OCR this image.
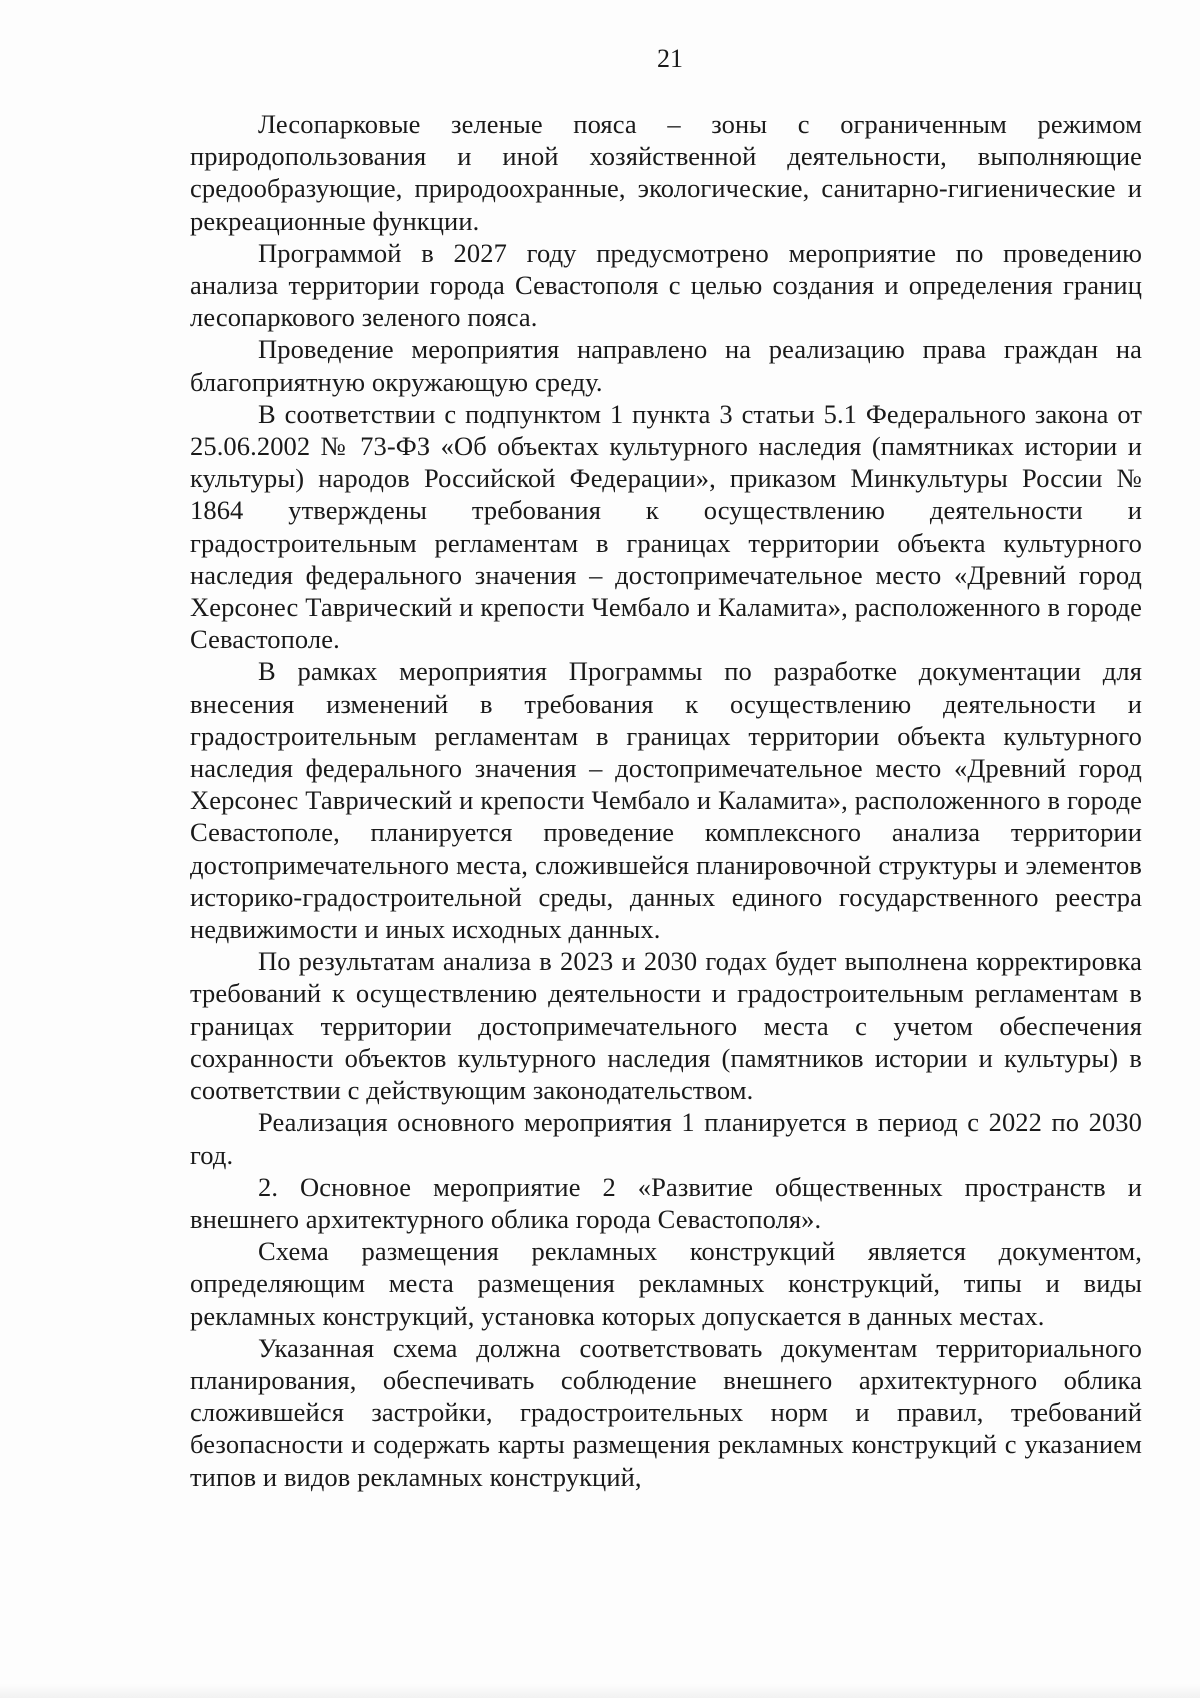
21

Лесопарковые зеленые пояса – зоны с ограниченным режимом природопользования и иной хозяйственной деятельности, выполняющие средообразующие, природоохранные, экологические, санитарно-гигиенические и рекреационные функции.

Программой в 2027 году предусмотрено мероприятие по проведению анализа территории города Севастополя с целью создания и определения границ лесопаркового зеленого пояса.

Проведение мероприятия направлено на реализацию права граждан на благоприятную окружающую среду.

В соответствии с подпунктом 1 пункта 3 статьи 5.1 Федерального закона от 25.06.2002 № 73-ФЗ «Об объектах культурного наследия (памятниках истории и культуры) народов Российской Федерации», приказом Минкультуры России № 1864 утверждены требования к осуществлению деятельности и градостроительным регламентам в границах территории объекта культурного наследия федерального значения – достопримечательное место «Древний город Херсонес Таврический и крепости Чембало и Каламита», расположенного в городе Севастополе.

В рамках мероприятия Программы по разработке документации для внесения изменений в требования к осуществлению деятельности и градостроительным регламентам в границах территории объекта культурного наследия федерального значения – достопримечательное место «Древний город Херсонес Таврический и крепости Чембало и Каламита», расположенного в городе Севастополе, планируется проведение комплексного анализа территории достопримечательного места, сложившейся планировочной структуры и элементов историко-градостроительной среды, данных единого государственного реестра недвижимости и иных исходных данных.

По результатам анализа в 2023 и 2030 годах будет выполнена корректировка требований к осуществлению деятельности и градостроительным регламентам в границах территории достопримечательного места с учетом обеспечения сохранности объектов культурного наследия (памятников истории и культуры) в соответствии с действующим законодательством.

Реализация основного мероприятия 1 планируется в период с 2022 по 2030 год.

2. Основное мероприятие 2 «Развитие общественных пространств и внешнего архитектурного облика города Севастополя».

Схема размещения рекламных конструкций является документом, определяющим места размещения рекламных конструкций, типы и виды рекламных конструкций, установка которых допускается в данных местах.

Указанная схема должна соответствовать документам территориального планирования, обеспечивать соблюдение внешнего архитектурного облика сложившейся застройки, градостроительных норм и правил, требований безопасности и содержать карты размещения рекламных конструкций с указанием типов и видов рекламных конструкций,
